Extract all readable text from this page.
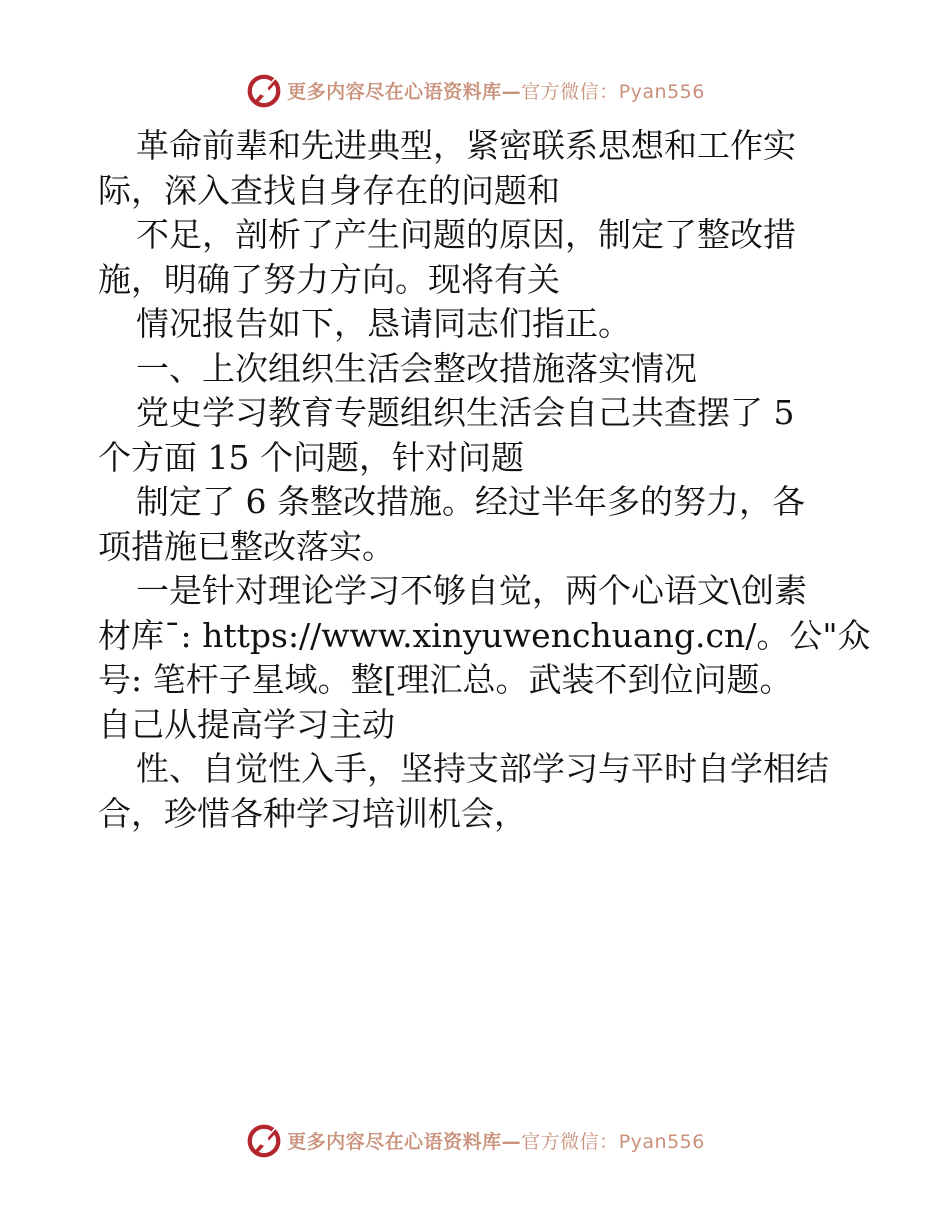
更多内容尽在心语资料库—官方微信：Pyan556

革命前辈和先进典型，紧密联系思想和工作实

际，深入查找自身存在的问题和

不足，剖析了产生问题的原因，制定了整改措

施，明确了努力方向。现将有关

情况报告如下，恳请同志们指正。

一、上次组织生活会整改措施落实情况

党史学习教育专题组织生活会自己共查摆了 5

个方面 15 个问题，针对问题

制定了 6 条整改措施。经过半年多的努力，各

项措施已整改落实。

一是针对理论学习不够自觉，两个心语文\创素

材库¯: https://www.xinyuwenchuang.cn/。公"众

号: 笔杆子星域。整[理汇总。武装不到位问题。

自己从提高学习主动

性、自觉性入手，坚持支部学习与平时自学相结

合，珍惜各种学习培训机会，

更多内容尽在心语资料库—官方微信：Pyan556
